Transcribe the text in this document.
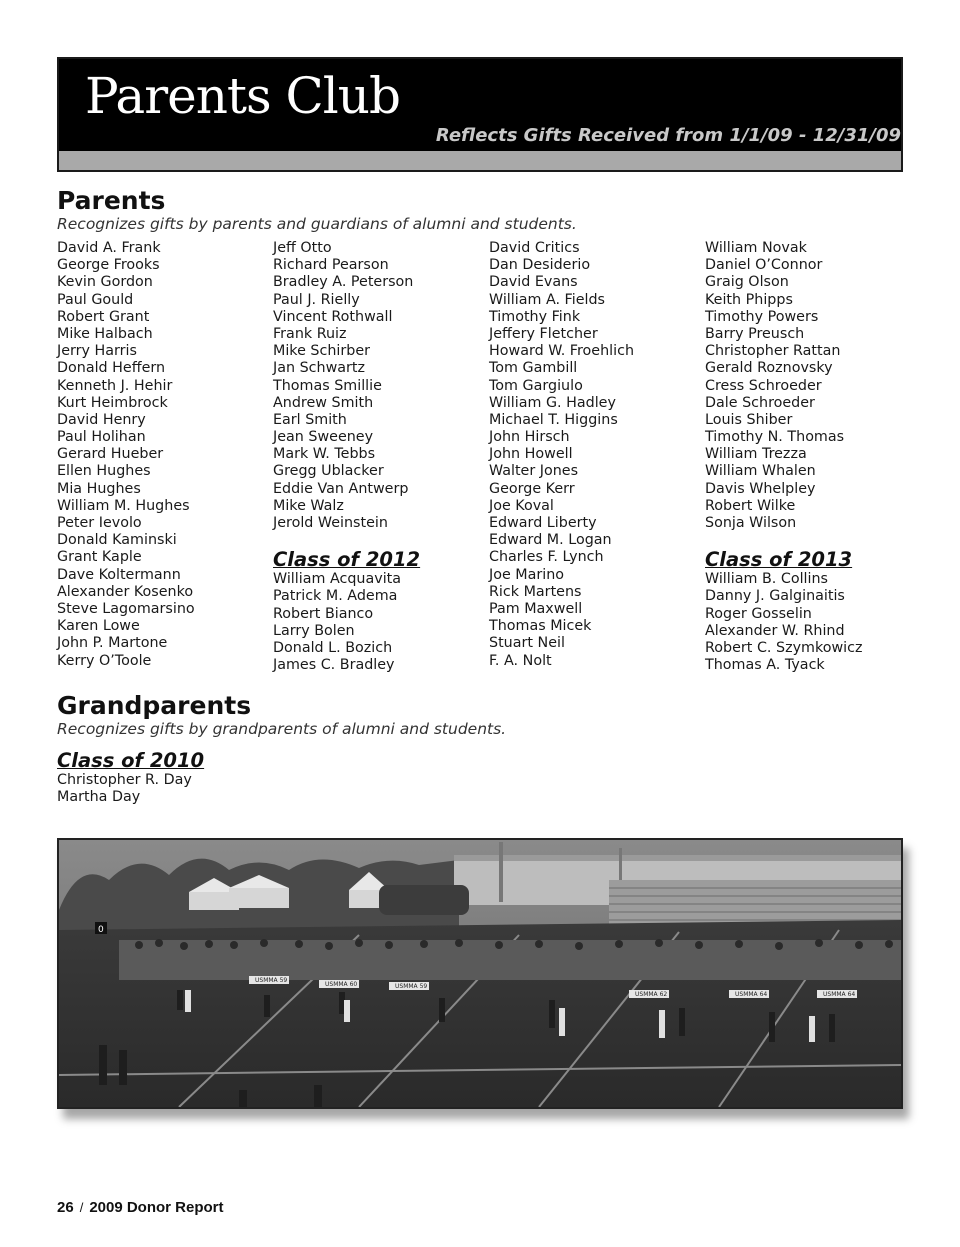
Parents Club
Reflects Gifts Received from 1/1/09 - 12/31/09
Parents
Recognizes gifts by parents and guardians of alumni and students.
David A. Frank
George Frooks
Kevin Gordon
Paul Gould
Robert Grant
Mike Halbach
Jerry Harris
Donald Heffern
Kenneth J. Hehir
Kurt Heimbrock
David Henry
Paul Holihan
Gerard Hueber
Ellen Hughes
Mia Hughes
William M. Hughes
Peter Ievolo
Donald Kaminski
Grant Kaple
Dave Koltermann
Alexander Kosenko
Steve Lagomarsino
Karen Lowe
John P. Martone
Kerry O’Toole
Jeff Otto
Richard Pearson
Bradley A. Peterson
Paul J. Rielly
Vincent Rothwall
Frank Ruiz
Mike Schirber
Jan Schwartz
Thomas Smillie
Andrew Smith
Earl Smith
Jean Sweeney
Mark W. Tebbs
Gregg Ublacker
Eddie Van Antwerp
Mike Walz
Jerold Weinstein
Class of 2012
William Acquavita
Patrick M. Adema
Robert Bianco
Larry Bolen
Donald L. Bozich
James C. Bradley
David Critics
Dan Desiderio
David Evans
William A. Fields
Timothy Fink
Jeffery Fletcher
Howard W. Froehlich
Tom Gambill
Tom Gargiulo
William G. Hadley
Michael T. Higgins
John Hirsch
John Howell
Walter Jones
George Kerr
Joe Koval
Edward Liberty
Edward M. Logan
Charles F. Lynch
Joe Marino
Rick Martens
Pam Maxwell
Thomas Micek
Stuart Neil
F. A. Nolt
William Novak
Daniel O’Connor
Graig Olson
Keith Phipps
Timothy Powers
Barry Preusch
Christopher Rattan
Gerald Roznovsky
Cress Schroeder
Dale Schroeder
Louis Shiber
Timothy N. Thomas
William Trezza
William Whalen
Davis Whelpley
Robert Wilke
Sonja Wilson
Class of 2013
William B. Collins
Danny J. Galginaitis
Roger Gosselin
Alexander W. Rhind
Robert C. Szymkowicz
Thomas A. Tyack
Grandparents
Recognizes gifts by grandparents of alumni and students.
Class of 2010
Christopher R. Day
Martha Day
USMMA 59
USMMA 60	USMMA 59
USMMA 62	USMMA 64	USMMA 64
0
26 / 2009 Donor Report
